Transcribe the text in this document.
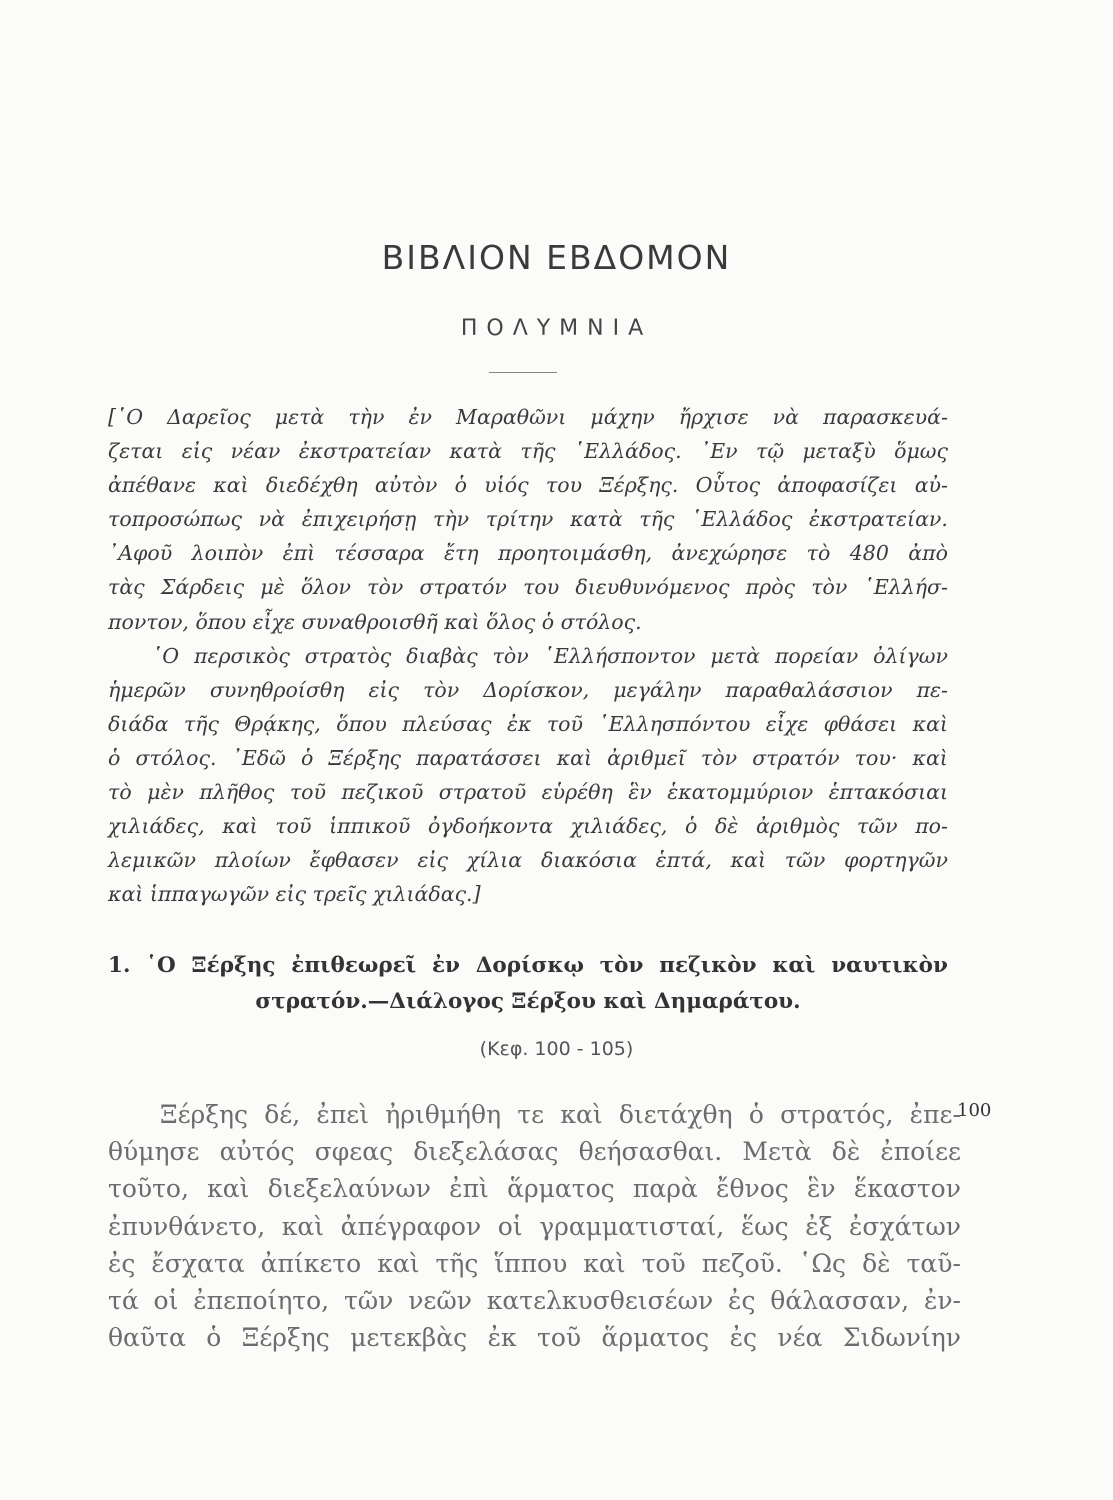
ΒΙΒΛΙΟΝ ΕΒΔΟΜΟΝ
ΠΟΛΥΜΝΙΑ
[῾Ο Δαρεῖος μετὰ τὴν ἐν Μαραθῶνι μάχην ἤρχισε νὰ παρασκευά-
ζεται εἰς νέαν ἐκστρατείαν κατὰ τῆς ῾Ελλάδος. ᾿Εν τῷ μεταξὺ ὅμως
ἀπέθανε καὶ διεδέχθη αὐτὸν ὁ υἱός του Ξέρξης. Οὗτος ἀποφασίζει αὐ-
τοπροσώπως νὰ ἐπιχειρήσῃ τὴν τρίτην κατὰ τῆς ῾Ελλάδος ἐκστρατείαν.
᾿Αφοῦ λοιπὸν ἐπὶ τέσσαρα ἔτη προητοιμάσθη, ἀνεχώρησε τὸ 480 ἀπὸ
τὰς Σάρδεις μὲ ὅλον τὸν στρατόν του διευθυνόμενος πρὸς τὸν ῾Ελλήσ-
ποντον, ὅπου εἶχε συναθροισθῆ καὶ ὅλος ὁ στόλος.
῾Ο περσικὸς στρατὸς διαβὰς τὸν ῾Ελλήσποντον μετὰ πορείαν ὀλίγων
ἡμερῶν συνηθροίσθη εἰς τὸν Δορίσκον, μεγάλην παραθαλάσσιον πε-
διάδα τῆς Θρᾴκης, ὅπου πλεύσας ἐκ τοῦ ῾Ελλησπόντου εἶχε φθάσει καὶ
ὁ στόλος. ᾿Εδῶ ὁ Ξέρξης παρατάσσει καὶ ἀριθμεῖ τὸν στρατόν του· καὶ
τὸ μὲν πλῆθος τοῦ πεζικοῦ στρατοῦ εὑρέθη ἓν ἑκατομμύριον ἑπτακόσιαι
χιλιάδες, καὶ τοῦ ἱππικοῦ ὀγδοήκοντα χιλιάδες, ὁ δὲ ἀριθμὸς τῶν πο-
λεμικῶν πλοίων ἔφθασεν εἰς χίλια διακόσια ἑπτά, καὶ τῶν φορτηγῶν
καὶ ἱππαγωγῶν εἰς τρεῖς χιλιάδας.]
1. ῾Ο Ξέρξης ἐπιθεωρεῖ ἐν Δορίσκῳ τὸν πεζικὸν καὶ ναυτικὸν
στρατόν.—Διάλογος Ξέρξου καὶ Δημαράτου.
(Κεφ. 100 - 105)
100
Ξέρξης δέ, ἐπεὶ ἠριθμήθη τε καὶ διετάχθη ὁ στρατός, ἐπε-
θύμησε αὐτός σφεας διεξελάσας θεήσασθαι. Μετὰ δὲ ἐποίεε
τοῦτο, καὶ διεξελαύνων ἐπὶ ἅρματος παρὰ ἔθνος ἓν ἕκαστον
ἐπυνθάνετο, καὶ ἀπέγραφον οἱ γραμματισταί, ἕως ἐξ ἐσχάτων
ἐς ἔσχατα ἀπίκετο καὶ τῆς ἵππου καὶ τοῦ πεζοῦ. ῾Ως δὲ ταῦ-
τά οἱ ἐπεποίητο, τῶν νεῶν κατελκυσθεισέων ἐς θάλασσαν, ἐν-
θαῦτα ὁ Ξέρξης μετεκβὰς ἐκ τοῦ ἅρματος ἐς νέα Σιδωνίην
